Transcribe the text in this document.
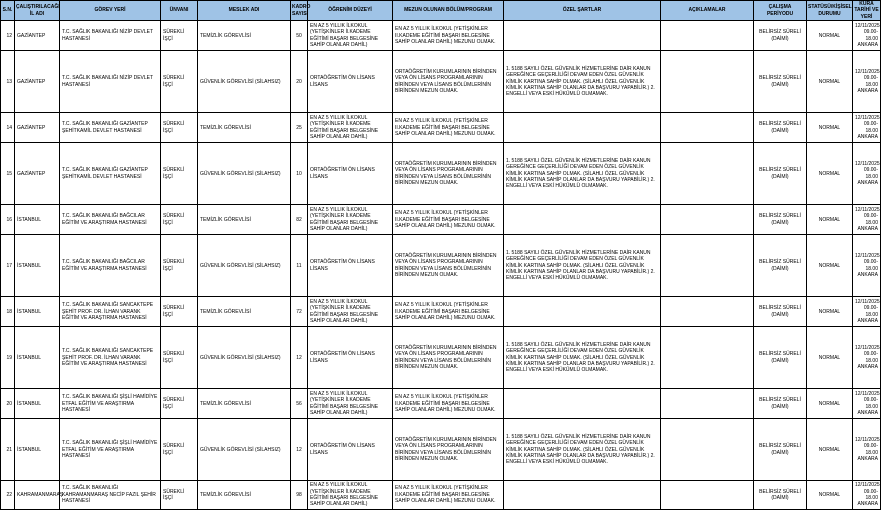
S.N.	ÇALIŞTIRILACAĞI İL ADI	GÖREV YERİ	ÜNVANI	MESLEK ADI	KADRO SAYISI	ÖĞRENİM DÜZEYİ	MEZUN OLUNAN BÖLÜM/PROGRAM	ÖZEL ŞARTLAR	AÇIKLAMALAR	ÇALIŞMA PERİYODU	STATÜSÜ/KİŞİSEL DURUMU	KURA TARİHİ VE YERİ
12	GAZİANTEP	T.C. SAĞLIK BAKANLIĞI NİZİP DEVLET HASTANESİ	SÜREKLİ İŞÇİ	TEMİZLİK GÖREVLİSİ	50	EN AZ 5 YILLIK İLKOKUL (YETİŞKİNLER İl.KADEME EĞİTİMİ BAŞARI BELGESİNE SAHİP OLANLAR DAHİL)	EN AZ 5 YILLIK İLKOKUL (YETİŞKİNLER II.KADEME EĞİTİMİ BAŞARI BELGESİNE SAHİP OLANLAR DAHİL) MEZUNU OLMAK.			BELİRSİZ SÜRELİ (DAİMİ)	NORMAL	12/11/2025 09.00-18.00 ANKARA
13	GAZİANTEP	T.C. SAĞLIK BAKANLIĞI NİZİP DEVLET HASTANESİ	SÜREKLİ İŞÇİ	GÜVENLİK GÖREVLİSİ (SİLAHSIZ)	20	ORTAÖĞRETİM ÖN LİSANS LİSANS	ORTAÖĞRETİM KURUMLARININ BİRİNDEN VEYA ÖN LİSANS PROGRAMLARININ BİRİNDEN VEYA LİSANS BÖLÜMLERİNİN BİRİNDEN MEZUN OLMAK.	1. 5188 SAYILI ÖZEL GÜVENLİK HİZMETLERİNE DAİR KANUN GEREĞİNCE GEÇERLİLİĞİ DEVAM EDEN ÖZEL GÜVENLİK KİMLİK KARTINA SAHİP OLMAK. (SİLAHLI ÖZEL GÜVENLİK KİMLİK KARTINA SAHİP OLANLAR DA BAŞVURU YAPABİLİR.) 2. ENGELLİ VEYA ESKİ HÜKÜMLÜ OLMAMAK.		BELİRSİZ SÜRELİ (DAİMİ)	NORMAL	12/11/2025 09.00-18.00 ANKARA
14	GAZİANTEP	T.C. SAĞLIK BAKANLIĞI GAZİANTEP ŞEHİTKAMİL DEVLET HASTANESİ	SÜREKLİ İŞÇİ	TEMİZLİK GÖREVLİSİ	25	EN AZ 5 YILLIK İLKOKUL (YETİŞKİNLER İl.KADEME EĞİTİMİ BAŞARI BELGESİNE SAHİP OLANLAR DAHİL)	EN AZ 5 YILLIK İLKOKUL (YETİŞKİNLER II.KADEME EĞİTİMİ BAŞARI BELGESİNE SAHİP OLANLAR DAHİL) MEZUNU OLMAK.			BELİRSİZ SÜRELİ (DAİMİ)	NORMAL	12/11/2025 09.00-18.00 ANKARA
15	GAZİANTEP	T.C. SAĞLIK BAKANLIĞI GAZİANTEP ŞEHİTKAMİL DEVLET HASTANESİ	SÜREKLİ İŞÇİ	GÜVENLİK GÖREVLİSİ (SİLAHSIZ)	10	ORTAÖĞRETİM ÖN LİSANS LİSANS	ORTAÖĞRETİM KURUMLARININ BİRİNDEN VEYA ÖN LİSANS PROGRAMLARININ BİRİNDEN VEYA LİSANS BÖLÜMLERİNİN BİRİNDEN MEZUN OLMAK.	1. 5188 SAYILI ÖZEL GÜVENLİK HİZMETLERİNE DAİR KANUN GEREĞİNCE GEÇERLİLİĞİ DEVAM EDEN ÖZEL GÜVENLİK KİMLİK KARTINA SAHİP OLMAK. (SİLAHLI ÖZEL GÜVENLİK KİMLİK KARTINA SAHİP OLANLAR DA BAŞVURU YAPABİLİR.) 2. ENGELLİ VEYA ESKİ HÜKÜMLÜ OLMAMAK.		BELİRSİZ SÜRELİ (DAİMİ)	NORMAL	12/11/2025 09.00-18.00 ANKARA
16	İSTANBUL	T.C. SAĞLIK BAKANLIĞI BAĞCILAR EĞİTİM VE ARAŞTIRMA HASTANESİ	SÜREKLİ İŞÇİ	TEMİZLİK GÖREVLİSİ	82	EN AZ 5 YILLIK İLKOKUL (YETİŞKİNLER İl.KADEME EĞİTİMİ BAŞARI BELGESİNE SAHİP OLANLAR DAHİL)	EN AZ 5 YILLIK İLKOKUL (YETİŞKİNLER II.KADEME EĞİTİMİ BAŞARI BELGESİNE SAHİP OLANLAR DAHİL) MEZUNU OLMAK.			BELİRSİZ SÜRELİ (DAİMİ)	NORMAL	12/11/2025 09.00-18.00 ANKARA
17	İSTANBUL	T.C. SAĞLIK BAKANLIĞI BAĞCILAR EĞİTİM VE ARAŞTIRMA HASTANESİ	SÜREKLİ İŞÇİ	GÜVENLİK GÖREVLİSİ (SİLAHSIZ)	11	ORTAÖĞRETİM ÖN LİSANS LİSANS	ORTAÖĞRETİM KURUMLARININ BİRİNDEN VEYA ÖN LİSANS PROGRAMLARININ BİRİNDEN VEYA LİSANS BÖLÜMLERİNİN BİRİNDEN MEZUN OLMAK.	1. 5188 SAYILI ÖZEL GÜVENLİK HİZMETLERİNE DAİR KANUN GEREĞİNCE GEÇERLİLİĞİ DEVAM EDEN ÖZEL GÜVENLİK KİMLİK KARTINA SAHİP OLMAK. (SİLAHLI ÖZEL GÜVENLİK KİMLİK KARTINA SAHİP OLANLAR DA BAŞVURU YAPABİLİR.) 2. ENGELLİ VEYA ESKİ HÜKÜMLÜ OLMAMAK.		BELİRSİZ SÜRELİ (DAİMİ)	NORMAL	12/11/2025 09.00-18.00 ANKARA
18	İSTANBUL	T.C. SAĞLIK BAKANLIĞI SANCAKTEPE ŞEHİT PROF. DR. İLHAN VARANK EĞİTİM VE ARAŞTIRMA HASTANESİ	SÜREKLİ İŞÇİ	TEMİZLİK GÖREVLİSİ	72	EN AZ 5 YILLIK İLKOKUL (YETİŞKİNLER İl.KADEME EĞİTİMİ BAŞARI BELGESİNE SAHİP OLANLAR DAHİL)	EN AZ 5 YILLIK İLKOKUL (YETİŞKİNLER II.KADEME EĞİTİMİ BAŞARI BELGESİNE SAHİP OLANLAR DAHİL) MEZUNU OLMAK.			BELİRSİZ SÜRELİ (DAİMİ)	NORMAL	12/11/2025 09.00-18.00 ANKARA
19	İSTANBUL	T.C. SAĞLIK BAKANLIĞI SANCAKTEPE ŞEHİT PROF. DR. İLHAN VARANK EĞİTİM VE ARAŞTIRMA HASTANESİ	SÜREKLİ İŞÇİ	GÜVENLİK GÖREVLİSİ (SİLAHSIZ)	12	ORTAÖĞRETİM ÖN LİSANS LİSANS	ORTAÖĞRETİM KURUMLARININ BİRİNDEN VEYA ÖN LİSANS PROGRAMLARININ BİRİNDEN VEYA LİSANS BÖLÜMLERİNİN BİRİNDEN MEZUN OLMAK.	1. 5188 SAYILI ÖZEL GÜVENLİK HİZMETLERİNE DAİR KANUN GEREĞİNCE GEÇERLİLİĞİ DEVAM EDEN ÖZEL GÜVENLİK KİMLİK KARTINA SAHİP OLMAK. (SİLAHLI ÖZEL GÜVENLİK KİMLİK KARTINA SAHİP OLANLAR DA BAŞVURU YAPABİLİR.) 2. ENGELLİ VEYA ESKİ HÜKÜMLÜ OLMAMAK.		BELİRSİZ SÜRELİ (DAİMİ)	NORMAL	12/11/2025 09.00-18.00 ANKARA
20	İSTANBUL	T.C. SAĞLIK BAKANLIĞI ŞİŞLİ HAMİDİYE ETFAL EĞİTİM VE ARAŞTIRMA HASTANESİ	SÜREKLİ İŞÇİ	TEMİZLİK GÖREVLİSİ	56	EN AZ 5 YILLIK İLKOKUL (YETİŞKİNLER İl.KADEME EĞİTİMİ BAŞARI BELGESİNE SAHİP OLANLAR DAHİL)	EN AZ 5 YILLIK İLKOKUL (YETİŞKİNLER II.KADEME EĞİTİMİ BAŞARI BELGESİNE SAHİP OLANLAR DAHİL) MEZUNU OLMAK.			BELİRSİZ SÜRELİ (DAİMİ)	NORMAL	12/11/2025 09.00-18.00 ANKARA
21	İSTANBUL	T.C. SAĞLIK BAKANLIĞI ŞİŞLİ HAMİDİYE ETFAL EĞİTİM VE ARAŞTIRMA HASTANESİ	SÜREKLİ İŞÇİ	GÜVENLİK GÖREVLİSİ (SİLAHSIZ)	12	ORTAÖĞRETİM ÖN LİSANS LİSANS	ORTAÖĞRETİM KURUMLARININ BİRİNDEN VEYA ÖN LİSANS PROGRAMLARININ BİRİNDEN VEYA LİSANS BÖLÜMLERİNİN BİRİNDEN MEZUN OLMAK.	1. 5188 SAYILI ÖZEL GÜVENLİK HİZMETLERİNE DAİR KANUN GEREĞİNCE GEÇERLİLİĞİ DEVAM EDEN ÖZEL GÜVENLİK KİMLİK KARTINA SAHİP OLMAK. (SİLAHLI ÖZEL GÜVENLİK KİMLİK KARTINA SAHİP OLANLAR DA BAŞVURU YAPABİLİR.) 2. ENGELLİ VEYA ESKİ HÜKÜMLÜ OLMAMAK.		BELİRSİZ SÜRELİ (DAİMİ)	NORMAL	12/11/2025 09.00-18.00 ANKARA
22	KAHRAMANMARAŞ	T.C. SAĞLIK BAKANLIĞI KAHRAMANMARAŞ NECİP FAZIL ŞEHİR HASTANESİ	SÜREKLİ İŞÇİ	TEMİZLİK GÖREVLİSİ	98	EN AZ 5 YILLIK İLKOKUL (YETİŞKİNLER İl.KADEME EĞİTİMİ BAŞARI BELGESİNE SAHİP OLANLAR DAHİL)	EN AZ 5 YILLIK İLKOKUL (YETİŞKİNLER II.KADEME EĞİTİMİ BAŞARI BELGESİNE SAHİP OLANLAR DAHİL) MEZUNU OLMAK.			BELİRSİZ SÜRELİ (DAİMİ)	NORMAL	12/11/2025 09.00-18.00 ANKARA
